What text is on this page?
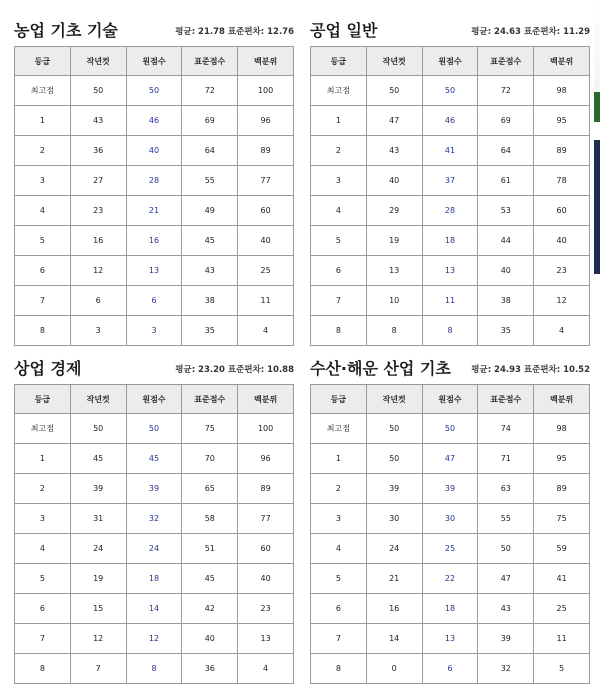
농업 기초 기술	평균: 21.78 표준편차: 12.76
등급	작년컷	원점수	표준점수	백분위
최고점	50	50	72	100
1	43	46	69	96
2	36	40	64	89
3	27	28	55	77
4	23	21	49	60
5	16	16	45	40
6	12	13	43	25
7	6	6	38	11
8	3	3	35	4
공업 일반	평균: 24.63 표준편차: 11.29
등급	작년컷	원점수	표준점수	백분위
최고점	50	50	72	98
1	47	46	69	95
2	43	41	64	89
3	40	37	61	78
4	29	28	53	60
5	19	18	44	40
6	13	13	40	23
7	10	11	38	12
8	8	8	35	4
상업 경제	평균: 23.20 표준편차: 10.88
등급	작년컷	원점수	표준점수	백분위
최고점	50	50	75	100
1	45	45	70	96
2	39	39	65	89
3	31	32	58	77
4	24	24	51	60
5	19	18	45	40
6	15	14	42	23
7	12	12	40	13
8	7	8	36	4
수산·해운 산업 기초 평균: 24.93 표준편차: 10.52
등급	작년컷	원점수	표준점수	백분위
최고점	50	50	74	98
1	50	47	71	95
2	39	39	63	89
3	30	30	55	75
4	24	25	50	59
5	21	22	47	41
6	16	18	43	25
7	14	13	39	11
8	0	6	32	5
